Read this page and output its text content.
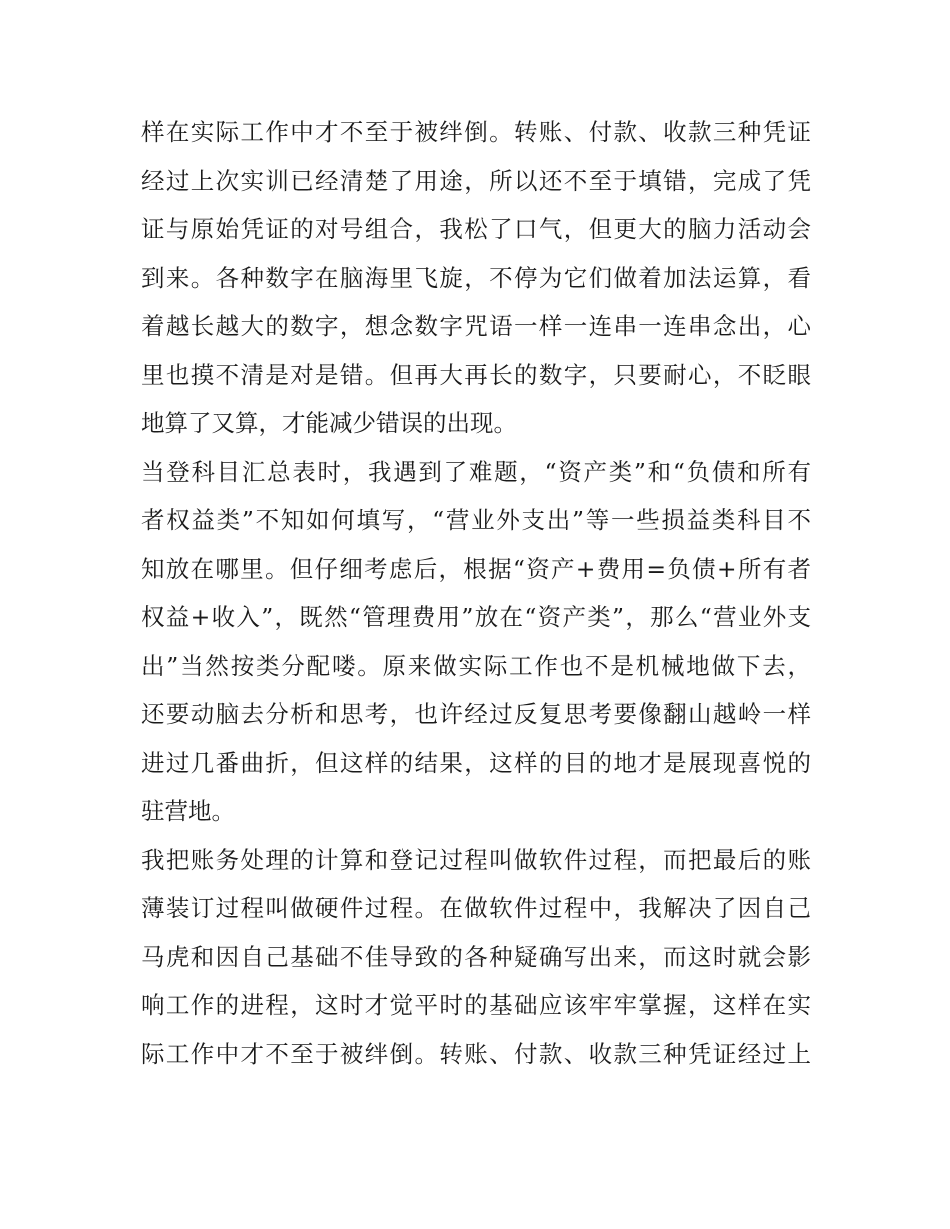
样在实际工作中才不至于被绊倒。转账、付款、收款三种凭证
经过上次实训已经清楚了用途，所以还不至于填错，完成了凭
证与原始凭证的对号组合，我松了口气，但更大的脑力活动会
到来。各种数字在脑海里飞旋，不停为它们做着加法运算，看
着越长越大的数字，想念数字咒语一样一连串一连串念出，心
里也摸不清是对是错。但再大再长的数字，只要耐心，不眨眼
地算了又算，才能减少错误的出现。
当登科目汇总表时，我遇到了难题，“资产类”和“负债和所有
者权益类”不知如何填写，“营业外支出”等一些损益类科目不
知放在哪里。但仔细考虑后，根据“资产+费用=负债+所有者
权益+收入”，既然“管理费用”放在“资产类”，那么“营业外支
出”当然按类分配喽。原来做实际工作也不是机械地做下去，
还要动脑去分析和思考，也许经过反复思考要像翻山越岭一样
进过几番曲折，但这样的结果，这样的目的地才是展现喜悦的
驻营地。
我把账务处理的计算和登记过程叫做软件过程，而把最后的账
薄装订过程叫做硬件过程。在做软件过程中，我解决了因自己
马虎和因自己基础不佳导致的各种疑确写出来，而这时就会影
响工作的进程，这时才觉平时的基础应该牢牢掌握，这样在实
际工作中才不至于被绊倒。转账、付款、收款三种凭证经过上
